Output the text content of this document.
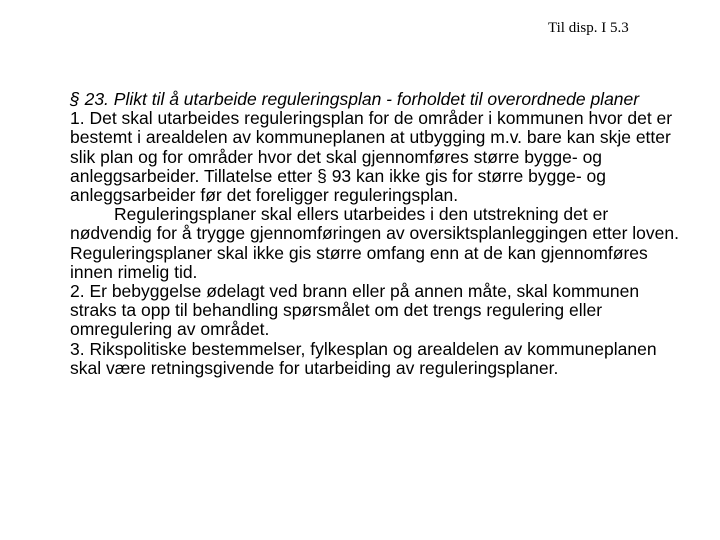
Til disp. I 5.3

§ 23. Plikt til å utarbeide reguleringsplan - forholdet til overordnede planer

1. Det skal utarbeides reguleringsplan for de områder i kommunen hvor det er bestemt i arealdelen av kommuneplanen at utbygging m.v. bare kan skje etter slik plan og for områder hvor det skal gjennomføres større bygge- og anleggsarbeider. Tillatelse etter § 93 kan ikke gis for større bygge- og anleggsarbeider før det foreligger reguleringsplan.

Reguleringsplaner skal ellers utarbeides i den utstrekning det er nødvendig for å trygge gjennomføringen av oversiktsplanleggingen etter loven. Reguleringsplaner skal ikke gis større omfang enn at de kan gjennomføres innen rimelig tid.

2. Er bebyggelse ødelagt ved brann eller på annen måte, skal kommunen straks ta opp til behandling spørsmålet om det trengs regulering eller omregulering av området.

3. Rikspolitiske bestemmelser, fylkesplan og arealdelen av kommuneplanen skal være retningsgivende for utarbeiding av reguleringsplaner.
